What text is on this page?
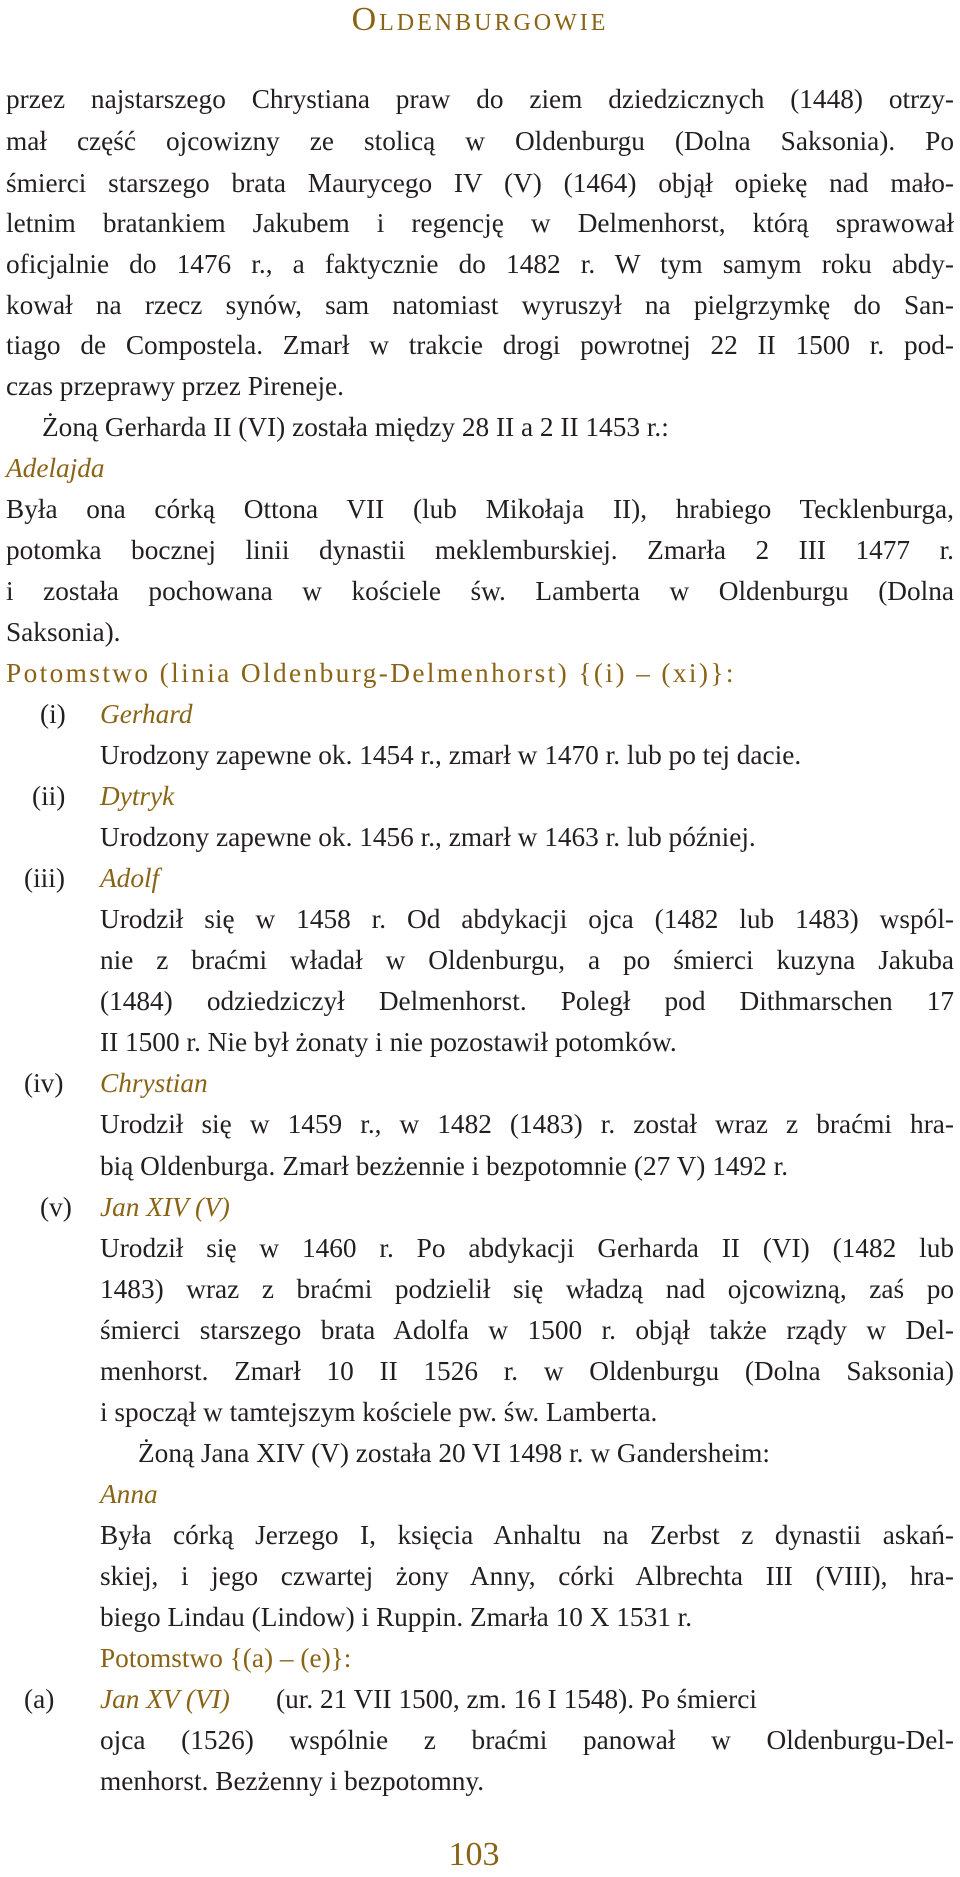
Oldenburgowie
przez najstarszego Chrystiana praw do ziem dziedzicznych (1448) otrzy-
mał część ojcowizny ze stolicą w Oldenburgu (Dolna Saksonia). Po
śmierci starszego brata Maurycego IV (V) (1464) objął opiekę nad mało-
letnim bratankiem Jakubem i regencję w Delmenhorst, którą sprawował
oficjalnie do 1476 r., a faktycznie do 1482 r. W tym samym roku abdy-
kował na rzecz synów, sam natomiast wyruszył na pielgrzymkę do San-
tiago de Compostela. Zmarł w trakcie drogi powrotnej 22 II 1500 r. pod-
czas przeprawy przez Pireneje.
Żoną Gerharda II (VI) została między 28 II a 2 II 1453 r.:
Adelajda
Była ona córką Ottona VII (lub Mikołaja II), hrabiego Tecklenburga,
potomka bocznej linii dynastii meklemburskiej. Zmarła 2 III 1477 r.
i została pochowana w kościele św. Lamberta w Oldenburgu (Dolna
Saksonia).
Potomstwo (linia Oldenburg-Delmenhorst) {(i) – (xi)}:
(i) Gerhard
Urodzony zapewne ok. 1454 r., zmarł w 1470 r. lub po tej dacie.
(ii) Dytryk
Urodzony zapewne ok. 1456 r., zmarł w 1463 r. lub później.
(iii) Adolf
Urodził się w 1458 r. Od abdykacji ojca (1482 lub 1483) wspól-
nie z braćmi władał w Oldenburgu, a po śmierci kuzyna Jakuba
(1484) odziedziczył Delmenhorst. Poległ pod Dithmarschen 17
II 1500 r. Nie był żonaty i nie pozostawił potomków.
(iv) Chrystian
Urodził się w 1459 r., w 1482 (1483) r. został wraz z braćmi hra-
bią Oldenburga. Zmarł bezżennie i bezpotomnie (27 V) 1492 r.
(v) Jan XIV (V)
Urodził się w 1460 r. Po abdykacji Gerharda II (VI) (1482 lub
1483) wraz z braćmi podzielił się władzą nad ojcowizną, zaś po
śmierci starszego brata Adolfa w 1500 r. objął także rządy w Del-
menhorst. Zmarł 10 II 1526 r. w Oldenburgu (Dolna Saksonia)
i spoczął w tamtejszym kościele pw. św. Lamberta.
Żoną Jana XIV (V) została 20 VI 1498 r. w Gandersheim:
Anna
Była córką Jerzego I, księcia Anhaltu na Zerbst z dynastii askań-
skiej, i jego czwartej żony Anny, córki Albrechta III (VIII), hra-
biego Lindau (Lindow) i Ruppin. Zmarła 10 X 1531 r.
Potomstwo {(a) – (e)}:
(a) Jan XV (VI) (ur. 21 VII 1500, zm. 16 I 1548). Po śmierci
ojca (1526) wspólnie z braćmi panował w Oldenburgu-Del-
menhorst. Bezżenny i bezpotomny.
103
